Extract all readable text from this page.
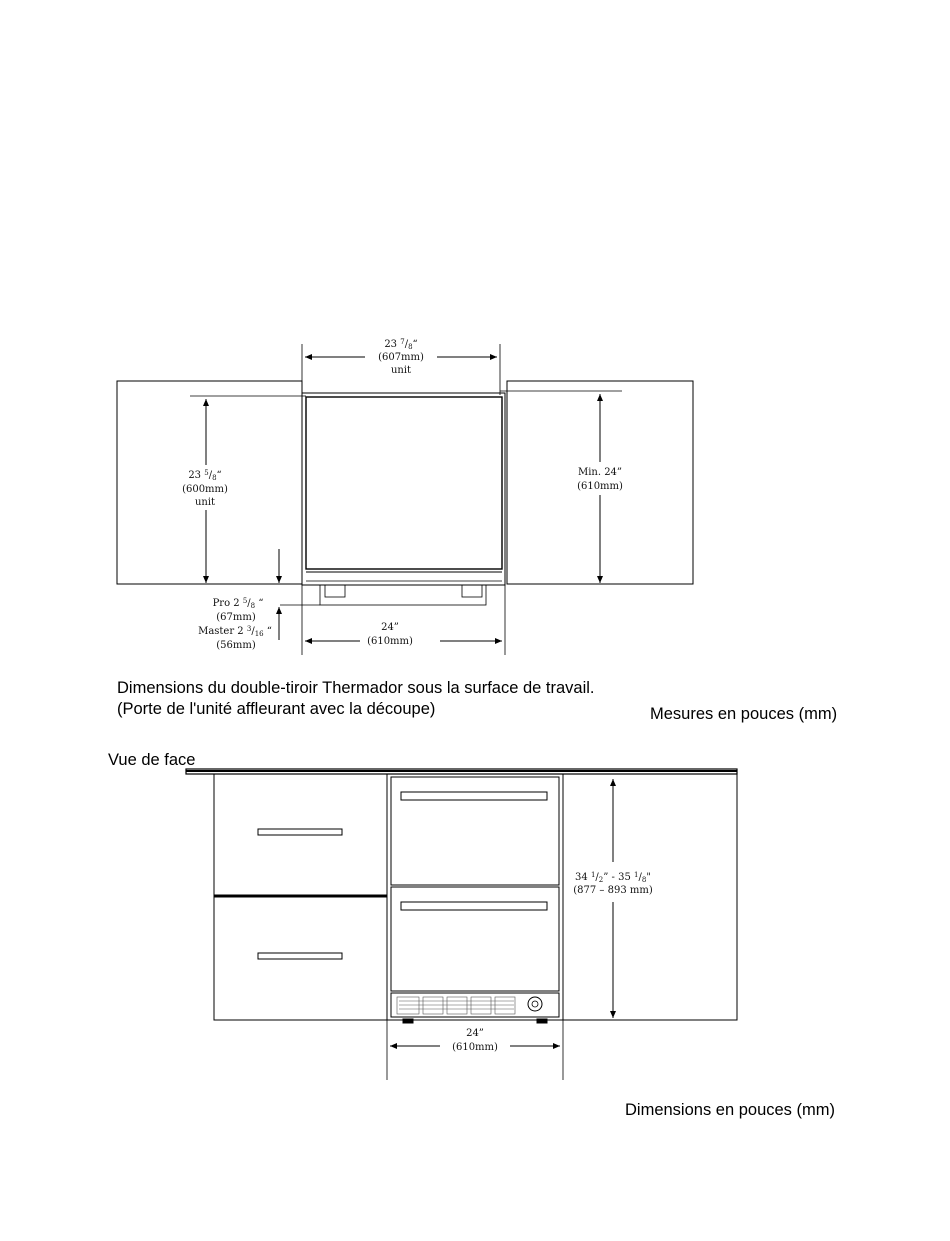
23 $^7/_8“$
(607mm)
unit
23 $^5/_8“$
(600mm)
unit
Min. 24”
(610mm)
Pro 2 $^5/_8$ “
(67mm)
Master 2 $^3/_{16}$ “
(56mm)
24”
(610mm)
34 $^1/_2$” - 35 $^1/_8$"
(877 – 893 mm)
24”
(610mm)
Dimensions du double-tiroir Thermador sous la surface de travail.
(Porte de l'unité affleurant avec la découpe)	Mesures en pouces (mm)
Vue de face
Dimensions en pouces (mm)
